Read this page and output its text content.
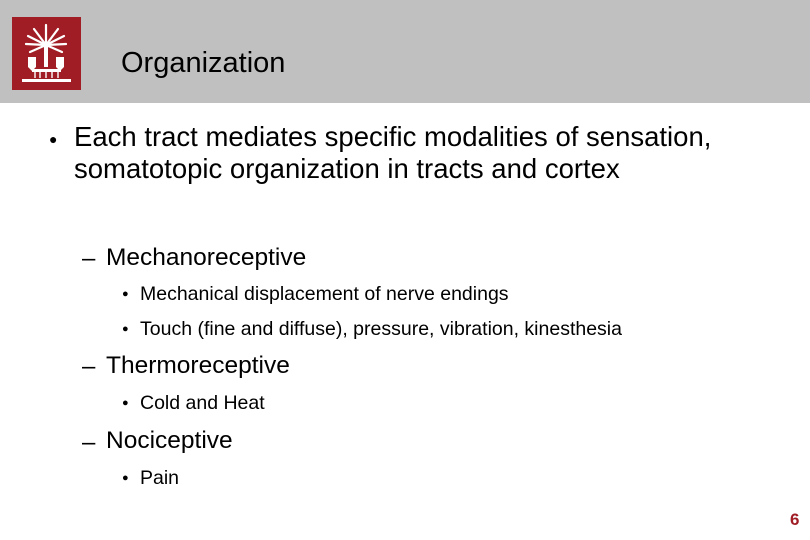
Organization
● Each tract mediates specific modalities of sensation, somatotopic organization in tracts and cortex
– Mechanoreceptive
● Mechanical displacement of nerve endings
● Touch (fine and diffuse), pressure, vibration, kinesthesia
– Thermoreceptive
● Cold and Heat
– Nociceptive
● Pain
6
